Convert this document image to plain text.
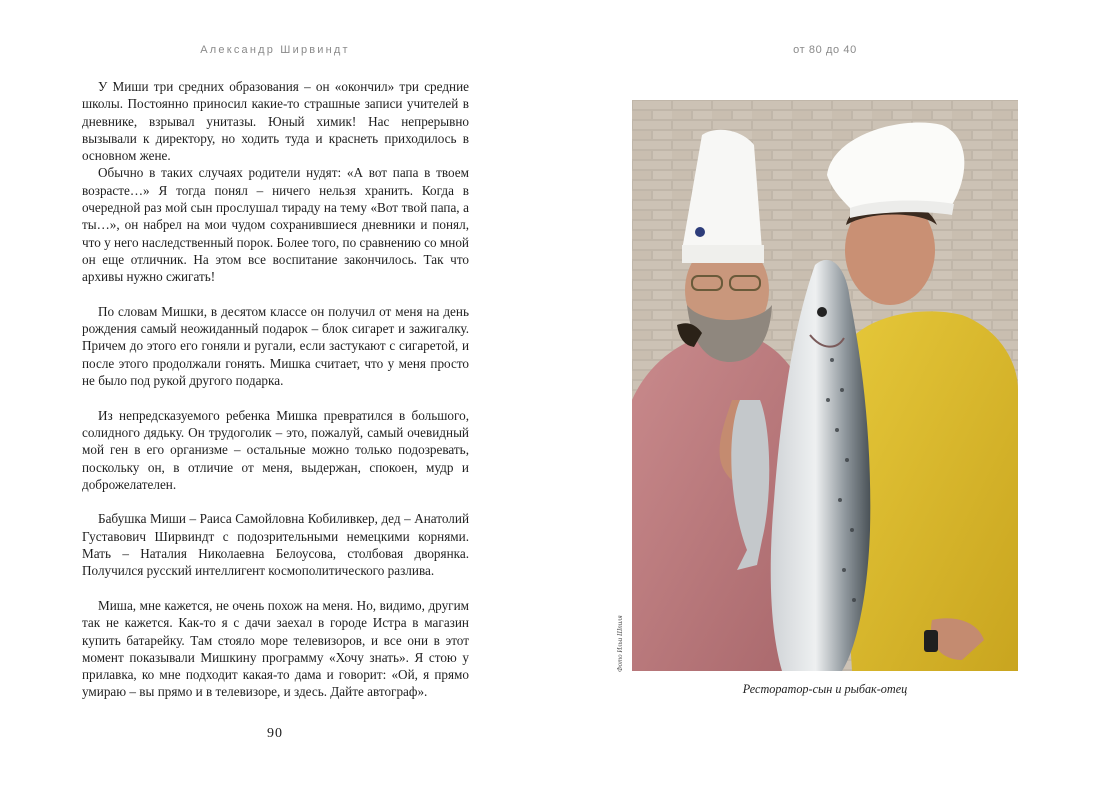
Александр Ширвиндт

У Миши три средних образования – он «окончил» три средние школы. Постоянно приносил какие-то страшные записи учителей в дневнике, взрывал унитазы. Юный химик! Нас непрерывно вызывали к директору, но ходить туда и краснеть приходилось в основном жене.

Обычно в таких случаях родители нудят: «А вот папа в твоем возрасте…» Я тогда понял – ничего нельзя хранить. Когда в очередной раз мой сын прослушал тираду на тему «Вот твой папа, а ты…», он набрел на мои чудом сохранившиеся дневники и понял, что у него наследственный порок. Более того, по сравнению со мной он еще отличник. На этом все воспитание закончилось. Так что архивы нужно сжигать!

По словам Мишки, в десятом классе он получил от меня на день рождения самый неожиданный подарок – блок сигарет и зажигалку. Причем до этого его гоняли и ругали, если застукают с сигаретой, и после этого продолжали гонять. Мишка считает, что у меня просто не было под рукой другого подарка.

Из непредсказуемого ребенка Мишка превратился в большого, солидного дядьку. Он трудоголик – это, пожалуй, самый очевидный мой ген в его организме – остальные можно только подозревать, поскольку он, в отличие от меня, выдержан, спокоен, мудр и доброжелателен.

Бабушка Миши – Раиса Самойловна Кобиливкер, дед – Анатолий Густавович Ширвиндт с подозрительными немецкими корнями. Мать – Наталия Николаевна Белоусова, столбовая дворянка. Получился русский интеллигент космополитического разлива.

Миша, мне кажется, не очень похож на меня. Но, видимо, другим так не кажется. Как-то я с дачи заехал в городе Истра в магазин купить батарейку. Там стояло море телевизоров, и все они в этот момент показывали Мишкину программу «Хочу знать». Я стою у прилавка, ко мне подходит какая-то дама и говорит: «Ой, я прямо умираю – вы прямо и в телевизоре, и здесь. Дайте автограф».

90
от 80 до 40
Фото Ильи Шпиля
Ресторатор-сын и рыбак-отец
